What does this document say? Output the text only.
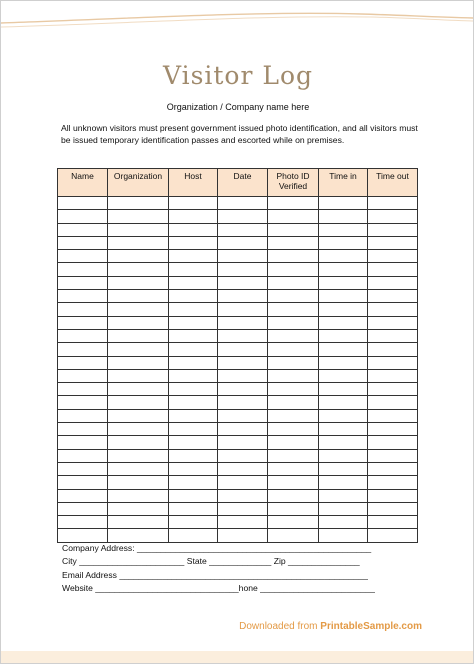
Visitor Log
Organization / Company name here
All unknown visitors must present government issued photo identification, and all visitors must be issued temporary identification passes and escorted while on premises.
Name	Organization	Host	Date	Photo ID Verified	Time in	Time out

Company Address: _________________________________________________
City ______________________ State _____________ Zip _______________
Email Address ____________________________________________________
Website ______________________________hone ________________________
Downloaded from PrintableSample.com
